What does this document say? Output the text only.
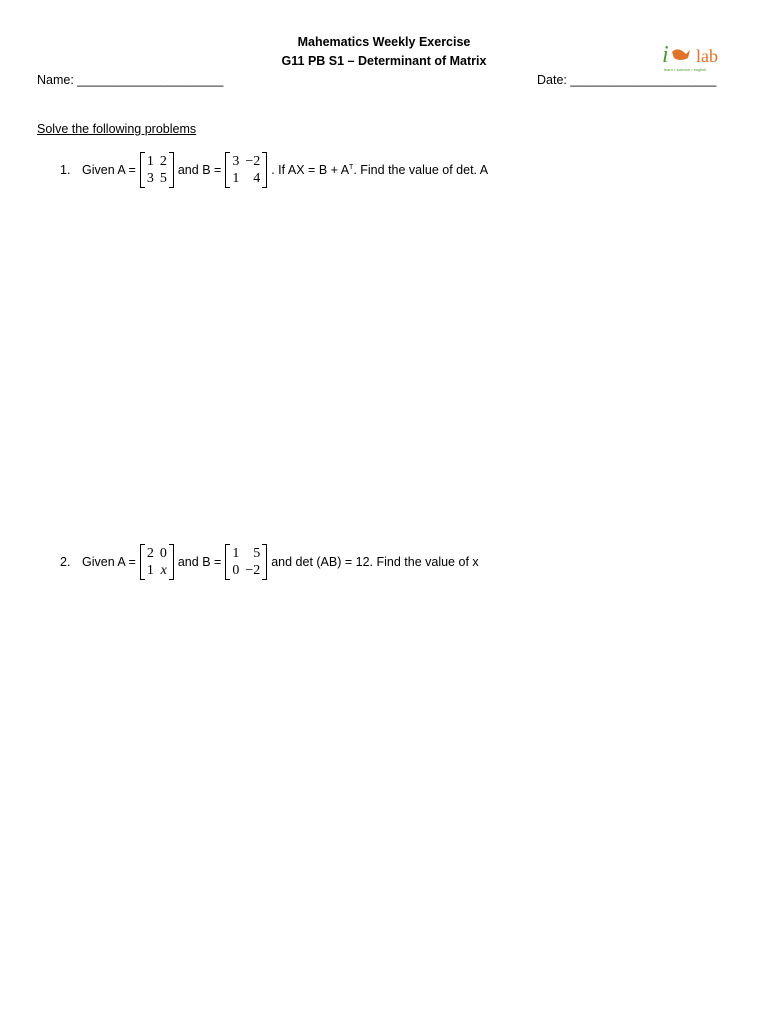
Mahematics Weekly Exercise
G11 PB S1 – Determinant of Matrix	i lab
learn • science • english
Name: _____________________	Date: _____________________
Solve the following problems
1. Given A =
1 2
3 5
and B =
3 −2
1 4
. If AX = $B + A^T$. Find the value of det. A
2. Given A =
2 0
1 x
and B =
1 5
0 −2
and det (AB) = 12. Find the value of x
